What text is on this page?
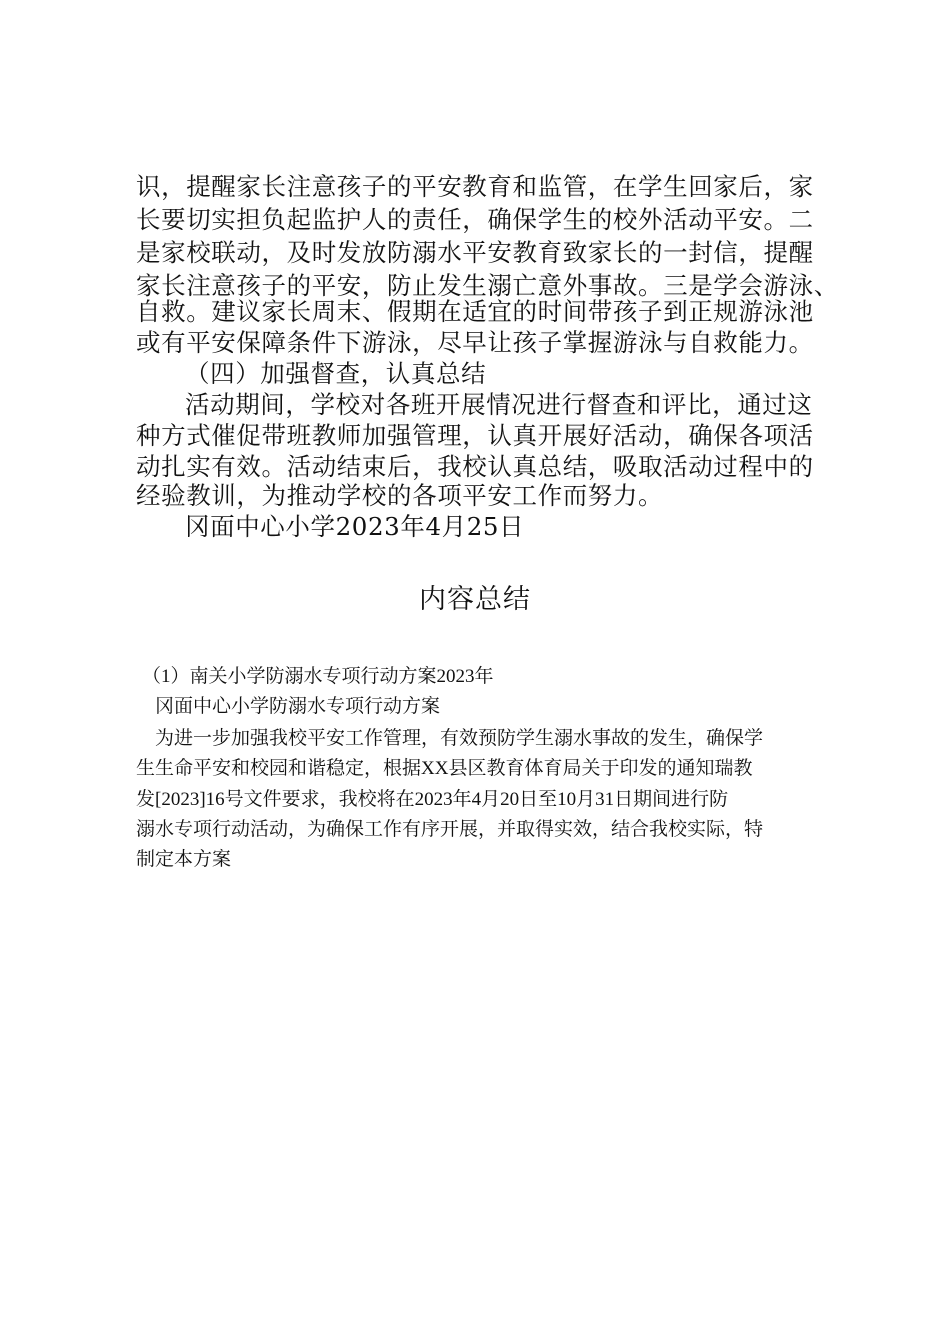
识，提醒家长注意孩子的平安教育和监管，在学生回家后，家
长要切实担负起监护人的责任，确保学生的校外活动平安。二
是家校联动，及时发放防溺水平安教育致家长的一封信，提醒
家长注意孩子的平安，防止发生溺亡意外事故。三是学会游泳、
自救。建议家长周末、假期在适宜的时间带孩子到正规游泳池
或有平安保障条件下游泳，尽早让孩子掌握游泳与自救能力。
（四）加强督查，认真总结
活动期间，学校对各班开展情况进行督查和评比，通过这
种方式催促带班教师加强管理，认真开展好活动，确保各项活
动扎实有效。活动结束后，我校认真总结，吸取活动过程中的
经验教训，为推动学校的各项平安工作而努力。
冈面中心小学2023年4月25日
内容总结
（1）南关小学防溺水专项行动方案2023年
冈面中心小学防溺水专项行动方案
为进一步加强我校平安工作管理，有效预防学生溺水事故的发生，确保学
生生命平安和校园和谐稳定，根据XX县区教育体育局关于印发的通知瑞教
发[2023]16号文件要求，我校将在2023年4月20日至10月31日期间进行防
溺水专项行动活动，为确保工作有序开展，并取得实效，结合我校实际，特
制定本方案
